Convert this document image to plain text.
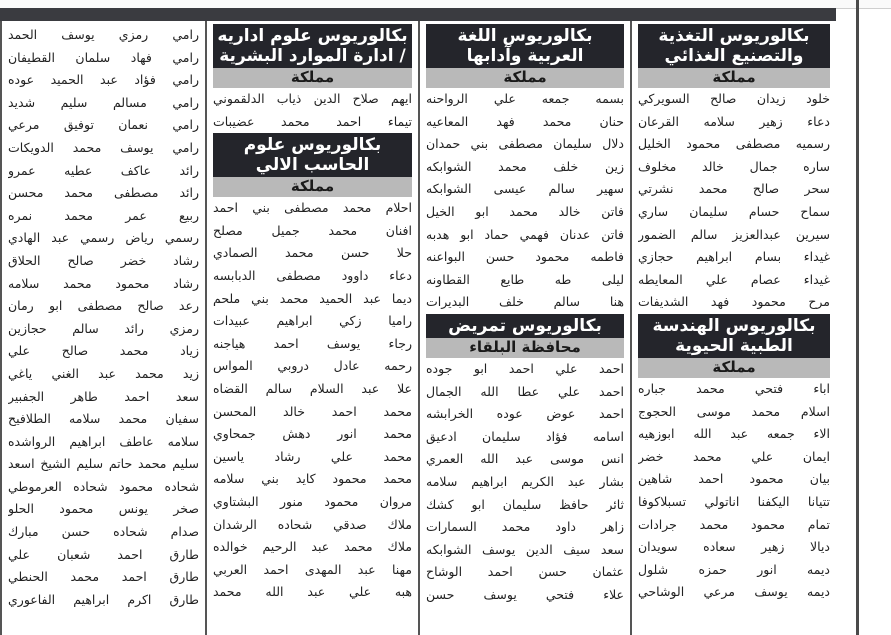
بكالوريوس التغذية والتصنيع الغذائي
مملكة
خلود زيدان صالح السويركي
دعاء زهير سلامه القرعان
رسميه مصطفى محمود الخليل
ساره جمال خالد مخلوف
سحر صالح محمد نشرتي
سماح حسام سليمان ساري
سيرين عبدالعزيز سالم الضمور
غيداء بسام ابراهيم حجازي
غيداء عصام علي المعايطه
مرح محمود فهد الشديفات
بكالوريوس الهندسة الطبية الحيوية
مملكة
اباء فتحي محمد جباره
اسلام محمد موسى الحجوج
الاء جمعه عبد الله ابوزهيه
ايمان علي محمد خضر
بيان محمود احمد شاهين
تتيانا اليكفنا اناتولي تسبلاكوفا
تمام محمود محمد جرادات
ديالا زهير سعاده سويدان
ديمه انور حمزه شلول
ديمه يوسف مرعي الوشاحي
بكالوريوس اللغة العربية وآدابها
مملكة
بسمه جمعه علي الرواحنه
حنان محمد فهد المعاعيه
دلال سليمان مصطفى بني حمدان
زين خلف محمد الشوابكه
سهير سالم عيسى الشوابكه
فاتن خالد محمد ابو الخيل
فاتن عدنان فهمي حماد ابو هدبه
فاطمه محمود حسن البواعنه
ليلى طه طايع القطاونه
هنا سالم خلف البديرات
بكالوريوس تمريض
محافظة البلقاء
احمد علي احمد ابو جوده
احمد علي عطا الله الجمال
احمد عوض عوده الخرابشه
اسامه فؤاد سليمان ادعيق
انس موسى عبد الله العمري
بشار عبد الكريم ابراهيم سلامه
ثائر حافظ سليمان ابو كشك
زاهر داود محمد السمارات
سعد سيف الدين يوسف الشوابكه
عثمان حسن احمد الوشاح
علاء فتحي يوسف حسن
بكالوريوس علوم اداريه / ادارة الموارد البشرية
مملكة
ايهم صلاح الدين ذياب الدلقموني
تيماء احمد محمد عضيبات
بكالوريوس علوم الحاسب الالي
مملكة
احلام محمد مصطفى بني احمد
افنان محمد جميل مصلح
حلا حسن محمد الصمادي
دعاء داوود مصطفى الدبابسه
ديما عبد الحميد محمد بني ملحم
راميا زكي ابراهيم عبيدات
رجاء يوسف احمد هياجنه
رحمه عادل دروبي المواس
علا عبد السلام سالم القضاه
محمد احمد خالد المحسن
محمد انور دهش جمحاوي
محمد علي رشاد ياسين
محمد محمود كايد بني سلامه
مروان محمود منور البشتاوي
ملاك صدقي شحاده الرشدان
ملاك محمد عبد الرحيم خوالده
مهنا عبد المهدى احمد العربي
هبه علي عبد الله محمد
رامي رمزي يوسف الحمد
رامي فهاد سلمان القطيفان
رامي فؤاد عبد الحميد عوده
رامي مسالم سليم شديد
رامي نعمان توفيق مرعي
رامي يوسف محمد الدويكات
رائد عاكف عطيه عمرو
رائد مصطفى محمد محسن
ربيع عمر محمد نمره
رسمي رياض رسمي عبد الهادي
رشاد خضر صالح الحلاق
رشاد محمود محمد سلامه
رعد صالح مصطفى ابو رمان
رمزي رائد سالم حجازين
زياد محمد صالح علي
زيد محمد عبد الغني ياغي
سعد احمد طاهر الجفبير
سفيان محمد سلامه الطلافيح
سلامه عاطف ابراهيم الرواشده
سليم محمد حاتم سليم الشيخ اسعد
شحاده محمود شحاده العرموطي
صخر يونس محمود الحلو
صدام شحاده حسن مبارك
طارق احمد شعبان علي
طارق احمد محمد الحنطي
طارق اكرم ابراهيم الفاعوري
